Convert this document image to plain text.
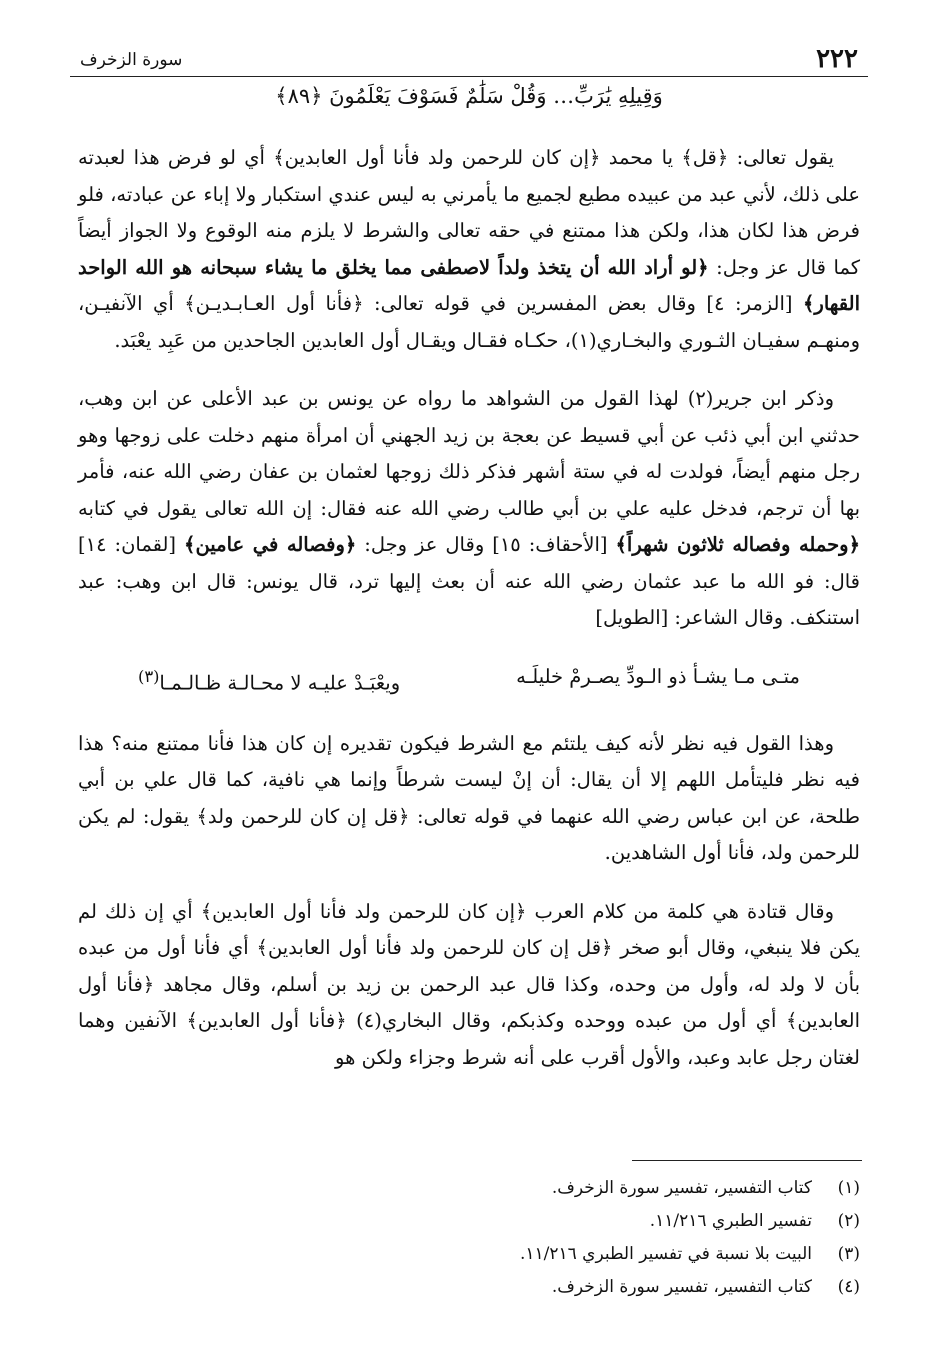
٢٢٢
سورة الزخرف
وَقِيلِهِ يَٰرَبِّ… وَقُلْ سَلَٰمٌ فَسَوْفَ يَعْلَمُونَ ﴿٨٩﴾

يقول تعالى: ﴿قل﴾ يا محمد ﴿إن كان للرحمن ولد فأنا أول العابدين﴾ أي لو فرض هذا لعبدته على ذلك، لأني عبد من عبيده مطيع لجميع ما يأمرني به ليس عندي استكبار ولا إباء عن عبادته، فلو فرض هذا لكان هذا، ولكن هذا ممتنع في حقه تعالى والشرط لا يلزم منه الوقوع ولا الجواز أيضاً كما قال عز وجل: ﴿لو أراد الله أن يتخذ ولداً لاصطفى مما يخلق ما يشاء سبحانه هو الله الواحد القهار﴾ [الزمر: ٤] وقال بعض المفسرين في قوله تعالى: ﴿فأنا أول العـابـديـن﴾ أي الآنفيـن، ومنهـم سفيـان الثـوري والبخـاري(١)، حكـاه فقـال ويقـال أول العابدين الجاحدين من عَبِد يعْبَد.

وذكر ابن جرير(٢) لهذا القول من الشواهد ما رواه عن يونس بن عبد الأعلى عن ابن وهب، حدثني ابن أبي ذئب عن أبي قسيط عن بعجة بن زيد الجهني أن امرأة منهم دخلت على زوجها وهو رجل منهم أيضاً، فولدت له في ستة أشهر فذكر ذلك زوجها لعثمان بن عفان رضي الله عنه، فأمر بها أن ترجم، فدخل عليه علي بن أبي طالب رضي الله عنه فقال: إن الله تعالى يقول في كتابه ﴿وحمله وفصاله ثلاثون شهراً﴾ [الأحقاف: ١٥] وقال عز وجل: ﴿وفصاله في عامين﴾ [لقمان: ١٤] قال: فو الله ما عبد عثمان رضي الله عنه أن بعث إليها ترد، قال يونس: قال ابن وهب: عبد استنكف. وقال الشاعر: [الطويل]

متـى مـا يشـأ ذو الـودِّ يصـرمْ خليلَـه
ويعْبَـدْ عليـه لا محـالـة ظـالـمـا$^{(٣)}$

وهذا القول فيه نظر لأنه كيف يلتئم مع الشرط فيكون تقديره إن كان هذا فأنا ممتنع منه؟ هذا فيه نظر فليتأمل اللهم إلا أن يقال: أن إنْ ليست شرطاً وإنما هي نافية، كما قال علي بن أبي طلحة، عن ابن عباس رضي الله عنهما في قوله تعالى: ﴿قل إن كان للرحمن ولد﴾ يقول: لم يكن للرحمن ولد، فأنا أول الشاهدين.

وقال قتادة هي كلمة من كلام العرب ﴿إن كان للرحمن ولد فأنا أول العابدين﴾ أي إن ذلك لم يكن فلا ينبغي، وقال أبو صخر ﴿قل إن كان للرحمن ولد فأنا أول العابدين﴾ أي فأنا أول من عبده بأن لا ولد له، وأول من وحده، وكذا قال عبد الرحمن بن زيد بن أسلم، وقال مجاهد ﴿فأنا أول العابدين﴾ أي أول من عبده ووحده وكذبكم، وقال البخاري(٤) ﴿فأنا أول العابدين﴾ الآنفين وهما لغتان رجل عابد وعبد، والأول أقرب على أنه شرط وجزاء ولكن هو

(١)
كتاب التفسير، تفسير سورة الزخرف.
(٢)
تفسير الطبري ١١/٢١٦.
(٣)
البيت بلا نسبة في تفسير الطبري ١١/٢١٦.
(٤)
كتاب التفسير، تفسير سورة الزخرف.
